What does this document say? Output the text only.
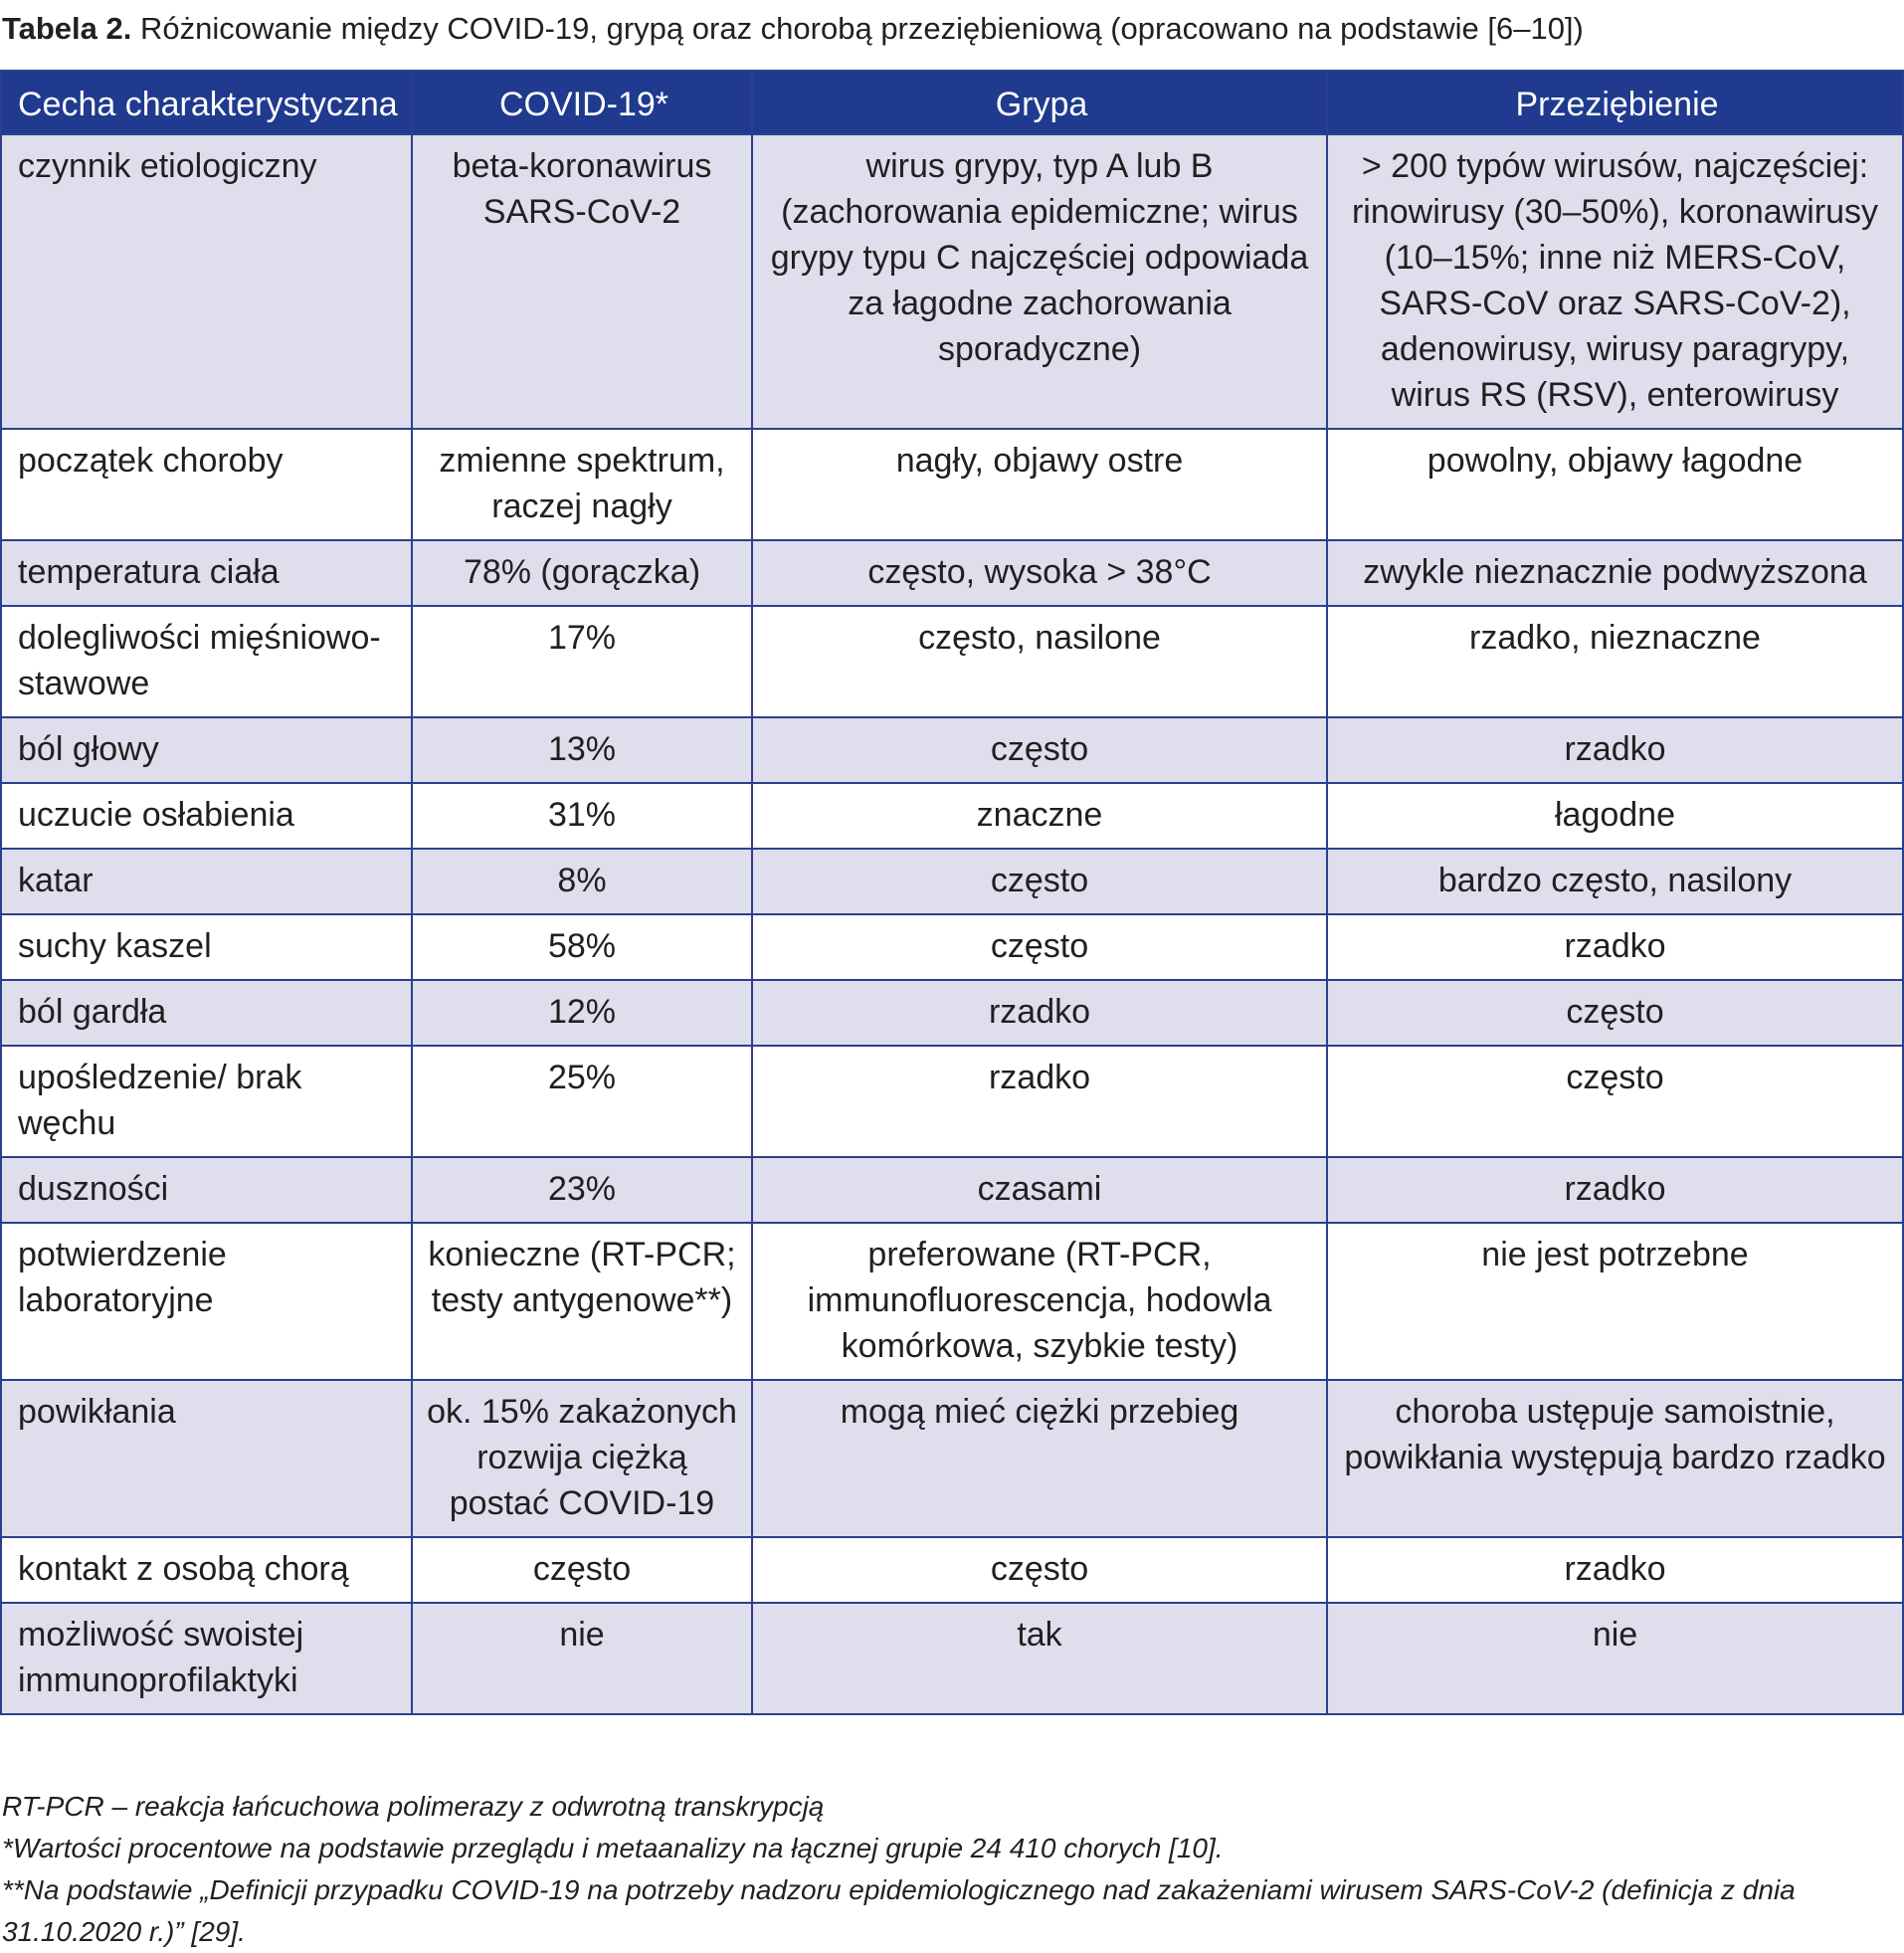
Tabela 2. Różnicowanie między COVID-19, grypą oraz chorobą przeziębieniową (opracowano na podstawie [6–10])
Cecha charakterystyczna	COVID-19*	Grypa	Przeziębienie
czynnik etiologiczny	beta-koronawirus SARS-CoV-2	wirus grypy, typ A lub B (zachorowania epidemiczne; wirus grypy typu C najczęściej odpowiada za łagodne zachorowania sporadyczne)	> 200 typów wirusów, najczęściej: rinowirusy (30–50%), koronawirusy (10–15%; inne niż MERS-CoV, SARS-CoV oraz SARS-CoV-2), adenowirusy, wirusy paragrypy, wirus RS (RSV), enterowirusy
początek choroby	zmienne spektrum, raczej nagły	nagły, objawy ostre	powolny, objawy łagodne
temperatura ciała	78% (gorączka)	często, wysoka > 38°C	zwykle nieznacznie podwyższona
dolegliwości mięśniowo-stawowe	17%	często, nasilone	rzadko, nieznaczne
ból głowy	13%	często	rzadko
uczucie osłabienia	31%	znaczne	łagodne
katar	8%	często	bardzo często, nasilony
suchy kaszel	58%	często	rzadko
ból gardła	12%	rzadko	często
upośledzenie/ brak węchu	25%	rzadko	często
duszności	23%	czasami	rzadko
potwierdzenie laboratoryjne	konieczne (RT-PCR; testy antygenowe**)	preferowane (RT-PCR, immunofluorescencja, hodowla komórkowa, szybkie testy)	nie jest potrzebne
powikłania	ok. 15% zakażonych rozwija ciężką postać COVID-19	mogą mieć ciężki przebieg	choroba ustępuje samoistnie, powikłania występują bardzo rzadko
kontakt z osobą chorą	często	często	rzadko
możliwość swoistej immunoprofilaktyki	nie	tak	nie
RT-PCR – reakcja łańcuchowa polimerazy z odwrotną transkrypcją
*Wartości procentowe na podstawie przeglądu i metaanalizy na łącznej grupie 24 410 chorych [10].
**Na podstawie „Definicji przypadku COVID-19 na potrzeby nadzoru epidemiologicznego nad zakażeniami wirusem SARS-CoV-2 (definicja z dnia 31.10.2020 r.)” [29].
